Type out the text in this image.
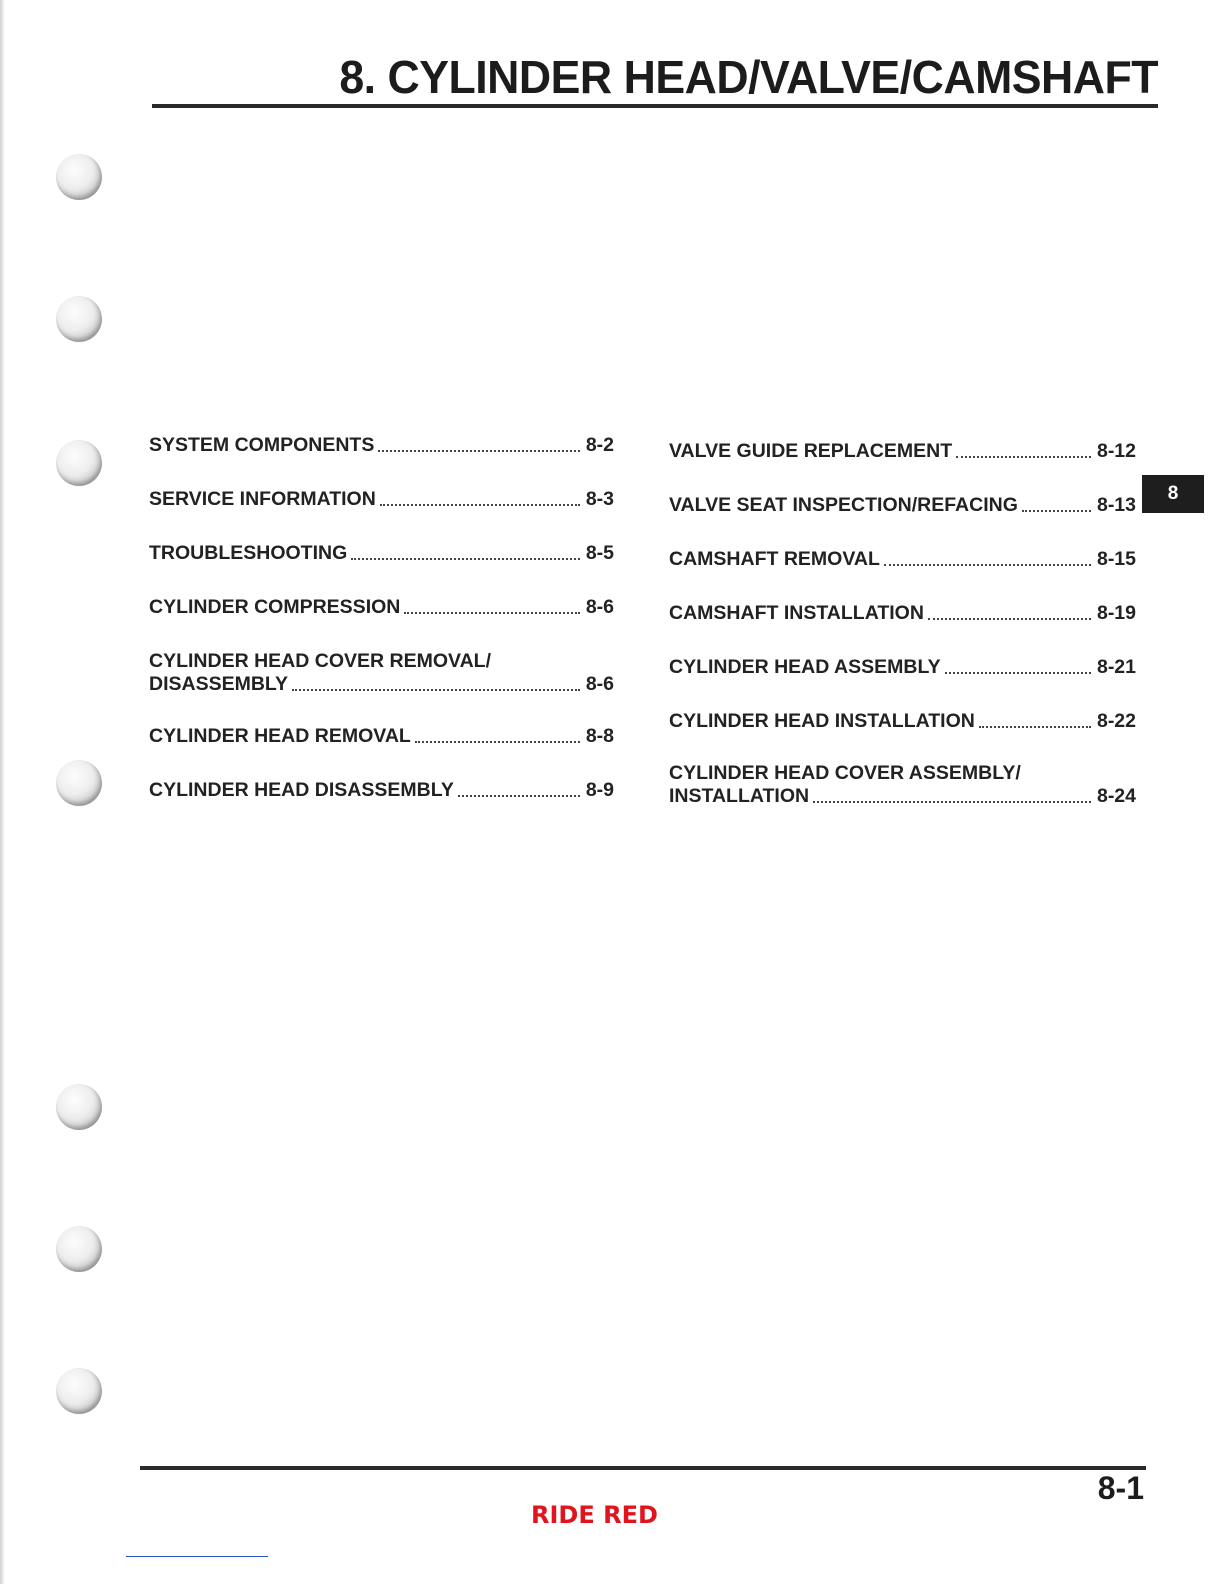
8. CYLINDER HEAD/VALVE/CAMSHAFT
SYSTEM COMPONENTS	8-2
SERVICE INFORMATION	8-3
TROUBLESHOOTING	8-5
CYLINDER COMPRESSION	8-6
CYLINDER HEAD COVER REMOVAL/
DISASSEMBLY	8-6
CYLINDER HEAD REMOVAL	8-8
CYLINDER HEAD DISASSEMBLY	8-9
VALVE GUIDE REPLACEMENT	8-12
VALVE SEAT INSPECTION/REFACING	8-13
CAMSHAFT REMOVAL	8-15
CAMSHAFT INSTALLATION	8-19
CYLINDER HEAD ASSEMBLY	8-21
CYLINDER HEAD INSTALLATION	8-22
CYLINDER HEAD COVER ASSEMBLY/
INSTALLATION	8-24
8
8-1
RIDE RED
